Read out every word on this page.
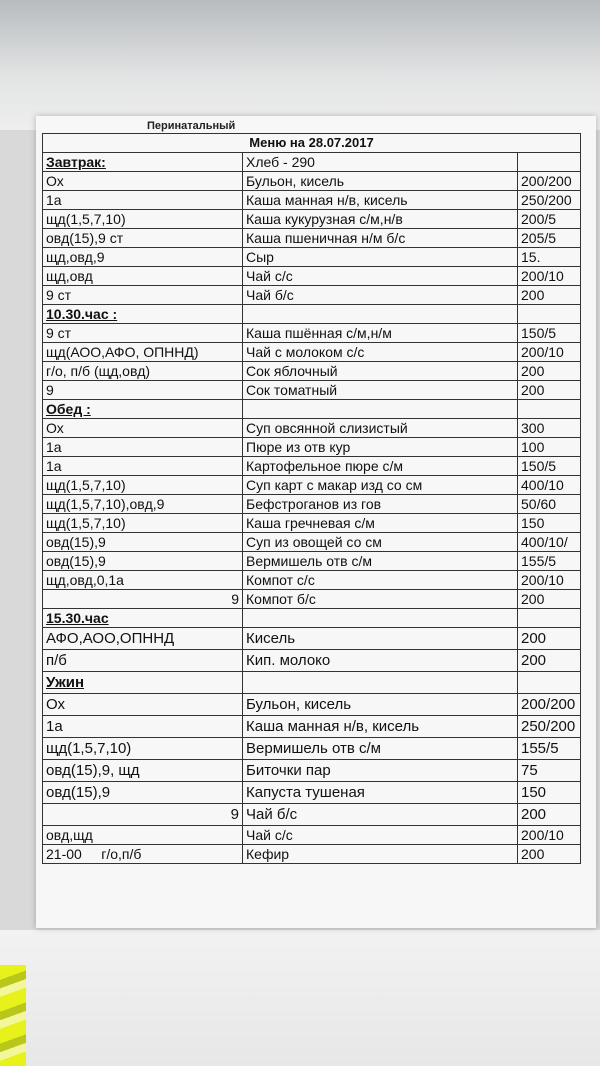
Перинатальный
Меню на 28.07.2017		
Завтрак:	Хлеб - 290	
Ох	Бульон, кисель	200/200
1а	Каша манная н/в, кисель	250/200
щд(1,5,7,10)	Каша кукурузная с/м,н/в	200/5
овд(15),9 ст	Каша пшеничная н/м б/с	205/5
щд,овд,9	Сыр	15.
щд,овд	Чай с/с	200/10
9 ст	Чай б/с	200
10.30.час :		
9 ст	Каша пшённая с/м,н/м	150/5
щд(АОО,АФО, ОПННД)	Чай с молоком с/с	200/10
г/о, п/б (щд,овд)	Сок яблочный	200
9	Сок томатный	200
Обед :		
Ох	Суп овсянной слизистый	300
1а	Пюре из отв кур	100
1а	Картофельное пюре с/м	150/5
щд(1,5,7,10)	Суп карт с макар изд со см	400/10
щд(1,5,7,10),овд,9	Бефстроганов из гов	50/60
щд(1,5,7,10)	Каша гречневая с/м	150
овд(15),9	Суп из овощей со см	400/10/
овд(15),9	Вермишель отв с/м	155/5
щд,овд,0,1а	Компот с/с	200/10
9	Компот б/с	200
15.30.час		
АФО,АОО,ОПННД	Кисель	200
п/б	Кип. молоко	200
Ужин		
Ох	Бульон, кисель	200/200
1а	Каша манная н/в, кисель	250/200
щд(1,5,7,10)	Вермишель отв с/м	155/5
овд(15),9, щд	Биточки пар	75
овд(15),9	Капуста тушеная	150
9	Чай б/с	200
овд,щд	Чай с/с	200/10
21-00     г/о,п/б	Кефир	200
